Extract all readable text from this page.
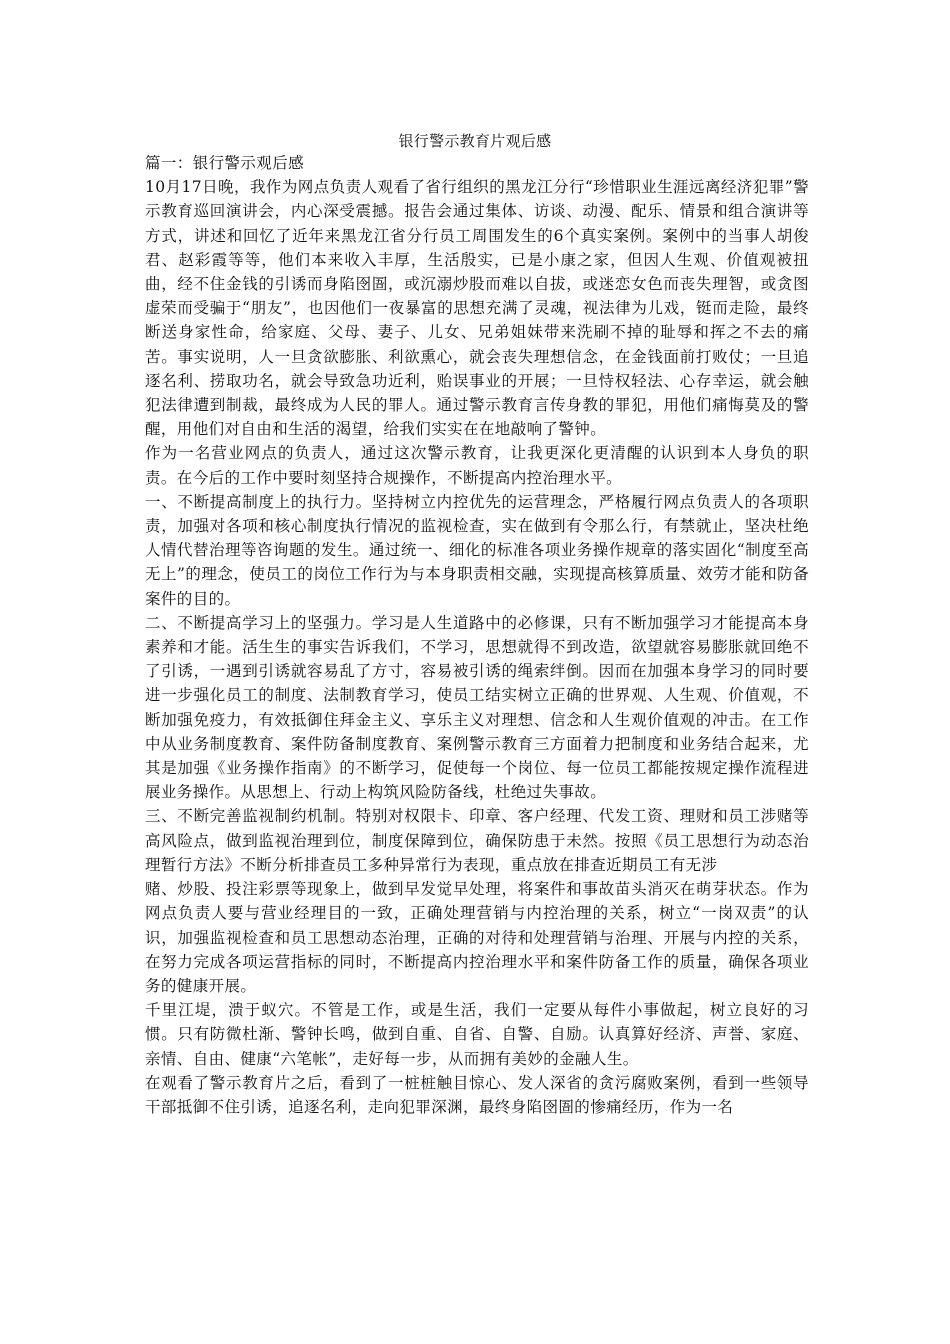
银行警示教育片观后感

篇一：银行警示观后感

10月17日晚，我作为网点负责人观看了省行组织的黑龙江分行“珍惜职业生涯远离经济犯罪”警示教育巡回演讲会，内心深受震撼。报告会通过集体、访谈、动漫、配乐、情景和组合演讲等方式，讲述和回忆了近年来黑龙江省分行员工周围发生的6个真实案例。案例中的当事人胡俊君、赵彩霞等等，他们本来收入丰厚，生活殷实，已是小康之家，但因人生观、价值观被扭曲，经不住金钱的引诱而身陷囹圄，或沉溺炒股而难以自拔，或迷恋女色而丧失理智，或贪图虚荣而受骗于“朋友”，也因他们一夜暴富的思想充满了灵魂，视法律为儿戏，铤而走险，最终断送身家性命，给家庭、父母、妻子、儿女、兄弟姐妹带来洗刷不掉的耻辱和挥之不去的痛苦。事实说明，人一旦贪欲膨胀、利欲熏心，就会丧失理想信念，在金钱面前打败仗；一旦追逐名利、捞取功名，就会导致急功近利，贻误事业的开展；一旦恃权轻法、心存幸运，就会触犯法律遭到制裁，最终成为人民的罪人。通过警示教育言传身教的罪犯，用他们痛悔莫及的警醒，用他们对自由和生活的渴望，给我们实实在在地敲响了警钟。

作为一名营业网点的负责人，通过这次警示教育，让我更深化更清醒的认识到本人身负的职责。在今后的工作中要时刻坚持合规操作，不断提高内控治理水平。

一、不断提高制度上的执行力。坚持树立内控优先的运营理念，严格履行网点负责人的各项职责，加强对各项和核心制度执行情况的监视检查，实在做到有令那么行，有禁就止，坚决杜绝人情代替治理等咨询题的发生。通过统一、细化的标准各项业务操作规章的落实固化“制度至高无上”的理念，使员工的岗位工作行为与本身职责相交融，实现提高核算质量、效劳才能和防备案件的目的。

二、不断提高学习上的坚强力。学习是人生道路中的必修课，只有不断加强学习才能提高本身素养和才能。活生生的事实告诉我们，不学习，思想就得不到改造，欲望就容易膨胀就回绝不了引诱，一遇到引诱就容易乱了方寸，容易被引诱的绳索绊倒。因而在加强本身学习的同时要进一步强化员工的制度、法制教育学习，使员工结实树立正确的世界观、人生观、价值观，不断加强免疫力，有效抵御住拜金主义、享乐主义对理想、信念和人生观价值观的冲击。在工作中从业务制度教育、案件防备制度教育、案例警示教育三方面着力把制度和业务结合起来，尤其是加强《业务操作指南》的不断学习，促使每一个岗位、每一位员工都能按规定操作流程进展业务操作。从思想上、行动上构筑风险防备线，杜绝过失事故。

三、不断完善监视制约机制。特别对权限卡、印章、客户经理、代发工资、理财和员工涉赌等高风险点，做到监视治理到位，制度保障到位，确保防患于未然。按照《员工思想行为动态治理暂行方法》不断分析排查员工多种异常行为表现，重点放在排查近期员工有无涉

赌、炒股、投注彩票等现象上，做到早发觉早处理，将案件和事故苗头消灭在萌芽状态。作为网点负责人要与营业经理目的一致，正确处理营销与内控治理的关系，树立“一岗双责”的认识，加强监视检查和员工思想动态治理，正确的对待和处理营销与治理、开展与内控的关系，在努力完成各项运营指标的同时，不断提高内控治理水平和案件防备工作的质量，确保各项业务的健康开展。

千里江堤，溃于蚁穴。不管是工作，或是生活，我们一定要从每件小事做起，树立良好的习惯。只有防微杜渐、警钟长鸣，做到自重、自省、自警、自励。认真算好经济、声誉、家庭、亲情、自由、健康“六笔帐”，走好每一步，从而拥有美妙的金融人生。

在观看了警示教育片之后，看到了一桩桩触目惊心、发人深省的贪污腐败案例，看到一些领导干部抵御不住引诱，追逐名利，走向犯罪深渊，最终身陷囹圄的惨痛经历，作为一名
